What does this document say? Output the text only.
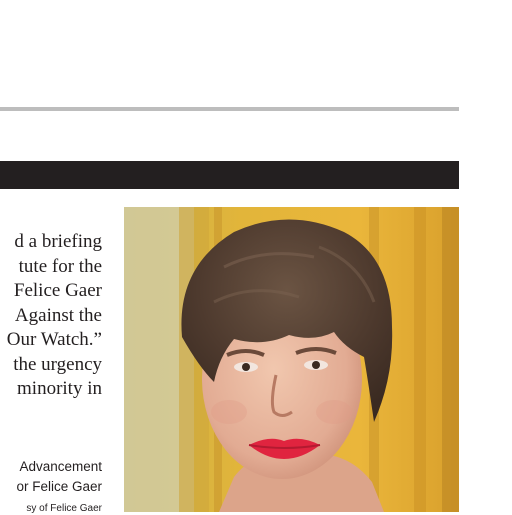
d a briefing
tute for the
Felice Gaer
Against the
Our Watch.”
the urgency
minority in
Advancement
or Felice Gaer
sy of Felice Gaer
